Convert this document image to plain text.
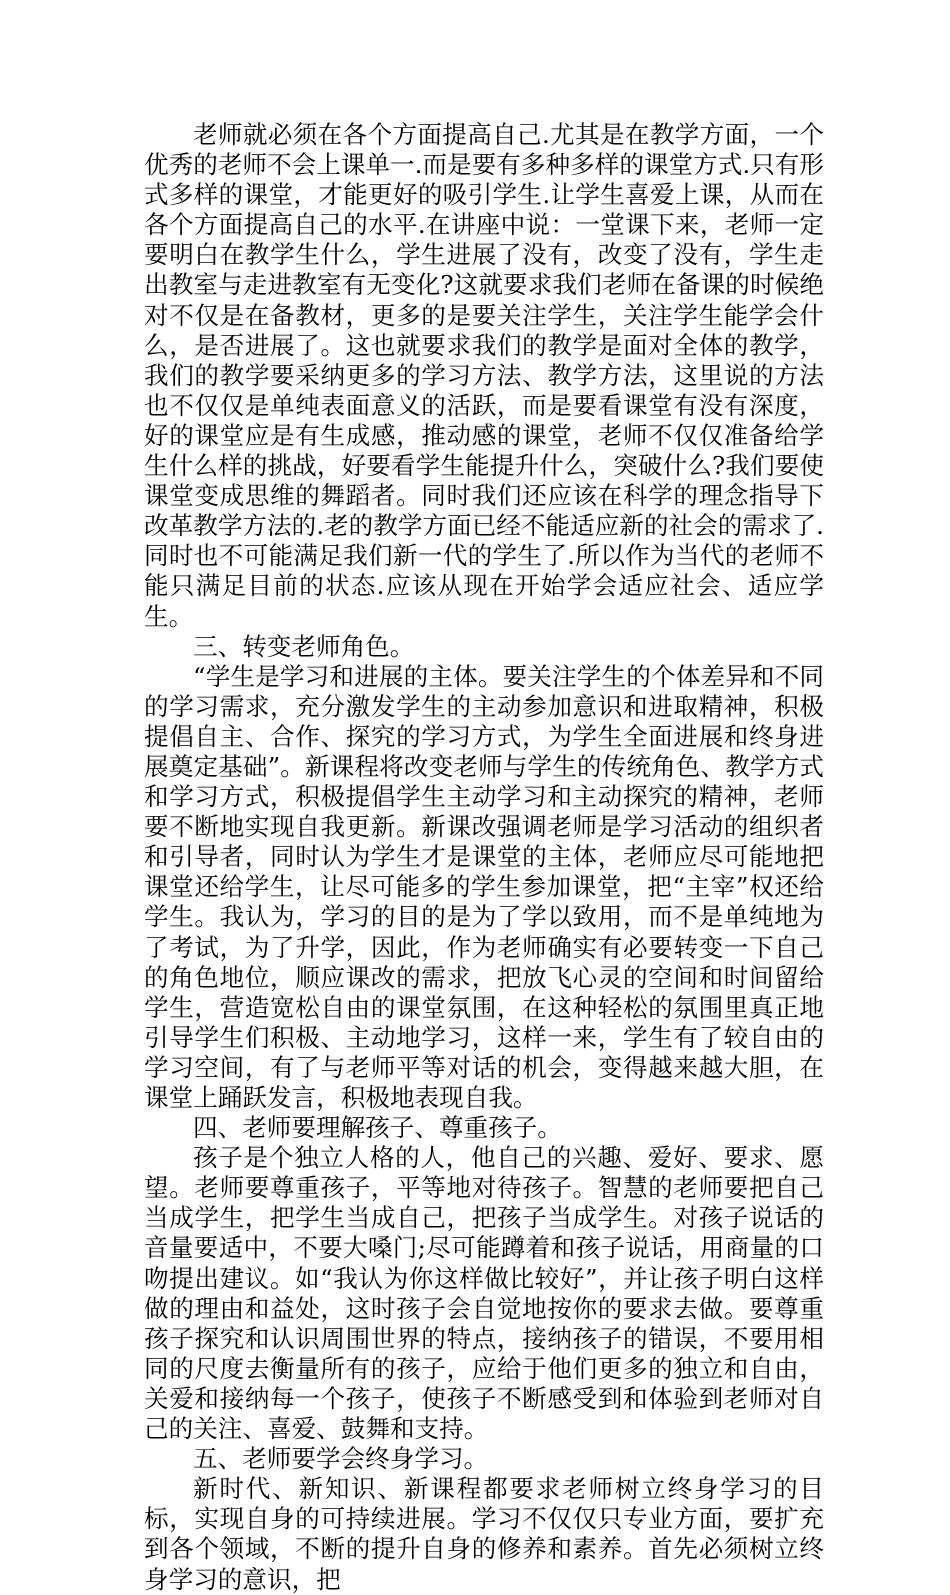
老师就必须在各个方面提高自己.尤其是在教学方面，一个优秀的老师不会上课单一.而是要有多种多样的课堂方式.只有形式多样的课堂，才能更好的吸引学生.让学生喜爱上课，从而在各个方面提高自己的水平.在讲座中说：一堂课下来，老师一定要明白在教学生什么，学生进展了没有，改变了没有，学生走出教室与走进教室有无变化?这就要求我们老师在备课的时候绝对不仅是在备教材，更多的是要关注学生，关注学生能学会什么，是否进展了。这也就要求我们的教学是面对全体的教学，我们的教学要采纳更多的学习方法、教学方法，这里说的方法也不仅仅是单纯表面意义的活跃，而是要看课堂有没有深度，好的课堂应是有生成感，推动感的课堂，老师不仅仅准备给学生什么样的挑战，好要看学生能提升什么，突破什么?我们要使课堂变成思维的舞蹈者。同时我们还应该在科学的理念指导下改革教学方法的.老的教学方面已经不能适应新的社会的需求了.同时也不可能满足我们新一代的学生了.所以作为当代的老师不能只满足目前的状态.应该从现在开始学会适应社会、适应学生。

三、转变老师角色。

“学生是学习和进展的主体。要关注学生的个体差异和不同的学习需求，充分激发学生的主动参加意识和进取精神，积极提倡自主、合作、探究的学习方式，为学生全面进展和终身进展奠定基础”。新课程将改变老师与学生的传统角色、教学方式和学习方式，积极提倡学生主动学习和主动探究的精神，老师要不断地实现自我更新。新课改强调老师是学习活动的组织者和引导者，同时认为学生才是课堂的主体，老师应尽可能地把课堂还给学生，让尽可能多的学生参加课堂，把“主宰”权还给学生。我认为，学习的目的是为了学以致用，而不是单纯地为了考试，为了升学，因此，作为老师确实有必要转变一下自己的角色地位，顺应课改的需求，把放飞心灵的空间和时间留给学生，营造宽松自由的课堂氛围，在这种轻松的氛围里真正地引导学生们积极、主动地学习，这样一来，学生有了较自由的学习空间，有了与老师平等对话的机会，变得越来越大胆，在课堂上踊跃发言，积极地表现自我。

四、老师要理解孩子、尊重孩子。

孩子是个独立人格的人，他自己的兴趣、爱好、要求、愿望。老师要尊重孩子，平等地对待孩子。智慧的老师要把自己当成学生，把学生当成自己，把孩子当成学生。对孩子说话的音量要适中，不要大嗓门;尽可能蹲着和孩子说话，用商量的口吻提出建议。如“我认为你这样做比较好”，并让孩子明白这样做的理由和益处，这时孩子会自觉地按你的要求去做。要尊重孩子探究和认识周围世界的特点，接纳孩子的错误，不要用相同的尺度去衡量所有的孩子，应给于他们更多的独立和自由，关爱和接纳每一个孩子，使孩子不断感受到和体验到老师对自己的关注、喜爱、鼓舞和支持。

五、老师要学会终身学习。

新时代、新知识、新课程都要求老师树立终身学习的目标，实现自身的可持续进展。学习不仅仅只专业方面，要扩充到各个领域，不断的提升自身的修养和素养。首先必须树立终身学习的意识，把
